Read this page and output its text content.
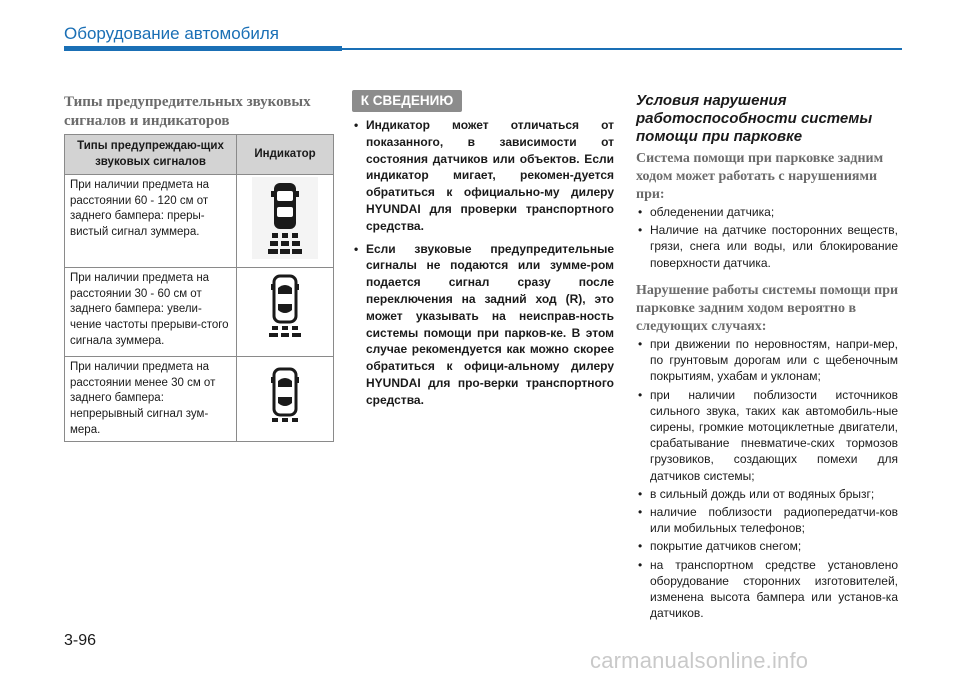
Оборудование автомобиля
Типы предупредительных звуковых сигналов и индикаторов
Типы предупреждаю-щих звуковых сигналов	Индикатор
При наличии предмета на расстоянии 60 - 120 см от заднего бампера: преры-вистый сигнал зуммера.	

При наличии предмета на расстоянии 30 - 60 см от заднего бампера: увели-чение частоты прерыви-стого сигнала зуммера.	

При наличии предмета на расстоянии менее 30 см от заднего бампера: непрерывный сигнал зум-мера.	
К СВЕДЕНИЮ
• Индикатор может отличаться от показанного, в зависимости от состояния датчиков или объектов. Если индикатор мигает, рекомен-дуется обратиться к официально-му дилеру HYUNDAI для проверки транспортного средства.
• Если звуковые предупредительные сигналы не подаются или зумме-ром подается сигнал сразу после переключения на задний ход (R), это может указывать на неисправ-ность системы помощи при парков-ке. В этом случае рекомендуется как можно скорее обратиться к офици-альному дилеру HYUNDAI для про-верки транспортного средства.
Условия нарушения работоспособности системы помощи при парковке
Система помощи при парковке задним ходом может работать с нарушениями при:
• обледенении датчика;
• Наличие на датчике посторонних веществ, грязи, снега или воды, или блокирование поверхности датчика.
Нарушение работы системы помощи при парковке задним ходом вероятно в следующих случаях:
• при движении по неровностям, напри-мер, по грунтовым дорогам или с щебеночным покрытиям, ухабам и уклонам;
• при наличии поблизости источников сильного звука, таких как автомобиль-ные сирены, громкие мотоциклетные двигатели, срабатывание пневматиче-ских тормозов грузовиков, создающих помехи для датчиков системы;
• в сильный дождь или от водяных брызг;
• наличие поблизости радиопередатчи-ков или мобильных телефонов;
• покрытие датчиков снегом;
• на транспортном средстве установлено оборудование сторонних изготовителей, изменена высота бампера или установ-ка датчиков.
3-96
carmanualsonline.info
